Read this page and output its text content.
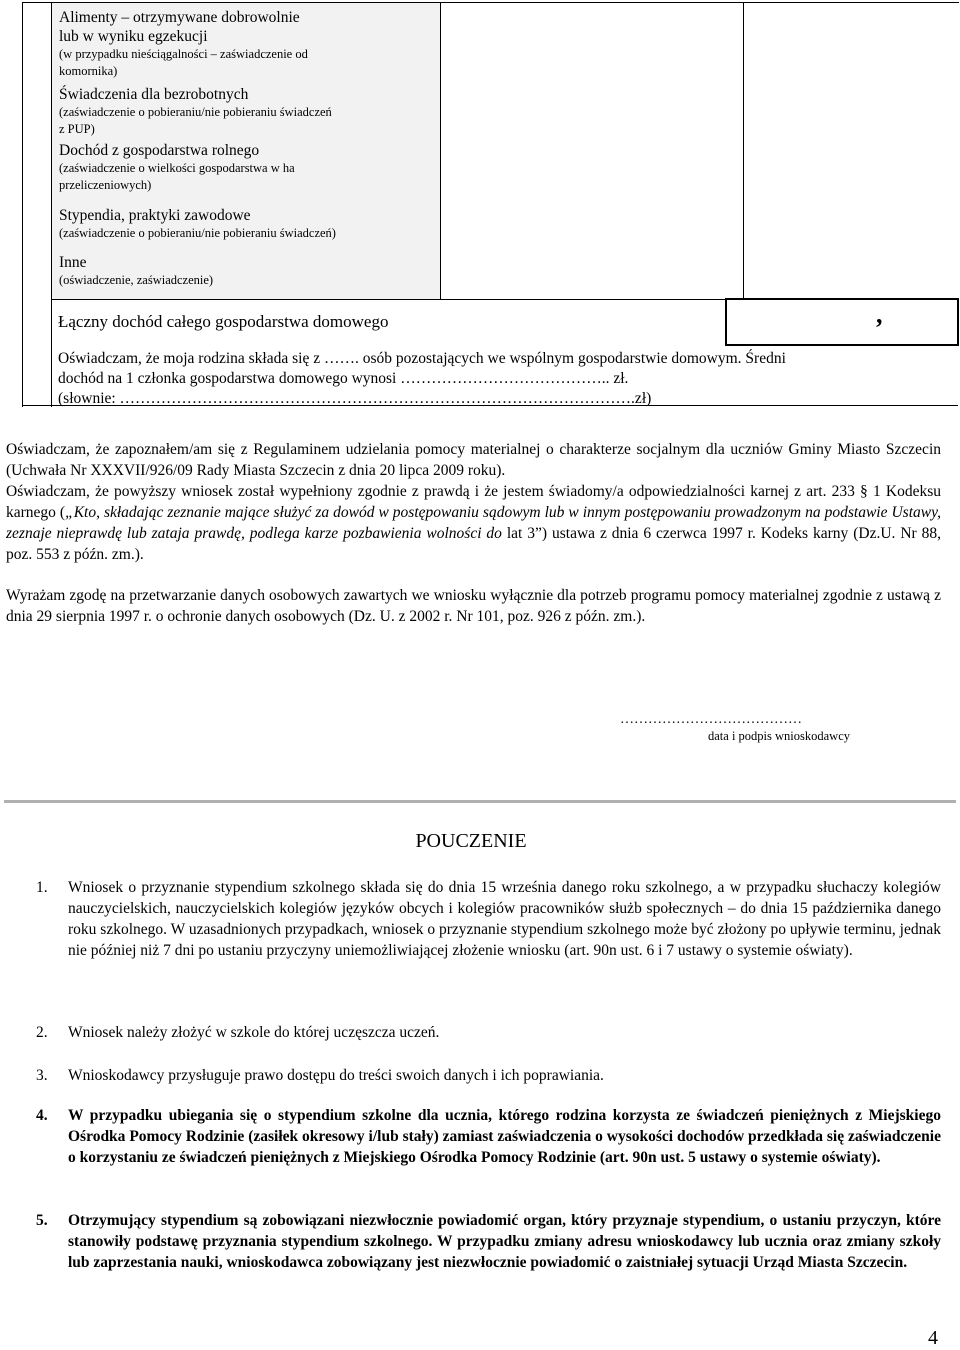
Alimenty – otrzymywane dobrowolnie
lub w wyniku egzekucji
(w przypadku nieściągalności – zaświadczenie od
komornika)
Świadczenia dla bezrobotnych
(zaświadczenie o pobieraniu/nie pobieraniu świadczeń
z PUP)
Dochód z gospodarstwa rolnego
(zaświadczenie o wielkości gospodarstwa w ha
przeliczeniowych)
Stypendia, praktyki zawodowe
(zaświadczenie o pobieraniu/nie pobieraniu świadczeń)
Inne
(oświadczenie, zaświadczenie)
Łączny dochód całego gospodarstwa domowego	,
Oświadczam, że moja rodzina składa się z ……. osób pozostających we wspólnym gospodarstwie domowym. Średni
dochód na 1 członka gospodarstwa domowego wynosi ………………………………….. zł.
(słownie: ……………………………………………………………………………………….zł)
Oświadczam, że zapoznałem/am się z Regulaminem udzielania pomocy materialnej o charakterze socjalnym dla uczniów Gminy Miasto Szczecin (Uchwała Nr XXXVII/926/09 Rady Miasta Szczecin z dnia 20 lipca 2009 roku).
Oświadczam, że powyższy wniosek został wypełniony zgodnie z prawdą i że jestem świadomy/a odpowiedzialności karnej z art. 233 § 1 Kodeksu karnego („Kto, składając zeznanie mające służyć za dowód w postępowaniu sądowym lub w innym postępowaniu prowadzonym na podstawie Ustawy, zeznaje nieprawdę lub zataja prawdę, podlega karze pozbawienia wolności do lat 3”) ustawa z dnia 6 czerwca 1997 r. Kodeks karny (Dz.U. Nr 88, poz. 553 z późn. zm.).
Wyrażam zgodę na przetwarzanie danych osobowych zawartych we wniosku wyłącznie dla potrzeb programu pomocy materialnej zgodnie z ustawą z dnia 29 sierpnia 1997 r. o ochronie danych osobowych (Dz. U. z 2002 r. Nr 101, poz. 926 z późn. zm.).
…………………………………
data i podpis wnioskodawcy
POUCZENIE
1. Wniosek o przyznanie stypendium szkolnego składa się do dnia 15 września danego roku szkolnego, a w przypadku słuchaczy kolegiów nauczycielskich, nauczycielskich kolegiów języków obcych i kolegiów pracowników służb społecznych – do dnia 15 października danego roku szkolnego. W uzasadnionych przypadkach, wniosek o przyznanie stypendium szkolnego może być złożony po upływie terminu, jednak nie później niż 7 dni po ustaniu przyczyny uniemożliwiającej złożenie wniosku (art. 90n ust. 6 i 7 ustawy o systemie oświaty).
2. Wniosek należy złożyć w szkole do której uczęszcza uczeń.
3. Wnioskodawcy przysługuje prawo dostępu do treści swoich danych i ich poprawiania.
4. W przypadku ubiegania się o stypendium szkolne dla ucznia, którego rodzina korzysta ze świadczeń pieniężnych z Miejskiego Ośrodka Pomocy Rodzinie (zasiłek okresowy i/lub stały) zamiast zaświadczenia o wysokości dochodów przedkłada się zaświadczenie o korzystaniu ze świadczeń pieniężnych z Miejskiego Ośrodka Pomocy Rodzinie (art. 90n ust. 5 ustawy o systemie oświaty).
5. Otrzymujący stypendium są zobowiązani niezwłocznie powiadomić organ, który przyznaje stypendium, o ustaniu przyczyn, które stanowiły podstawę przyznania stypendium szkolnego. W przypadku zmiany adresu wnioskodawcy lub ucznia oraz zmiany szkoły lub zaprzestania nauki, wnioskodawca zobowiązany jest niezwłocznie powiadomić o zaistniałej sytuacji Urząd Miasta Szczecin.
4
